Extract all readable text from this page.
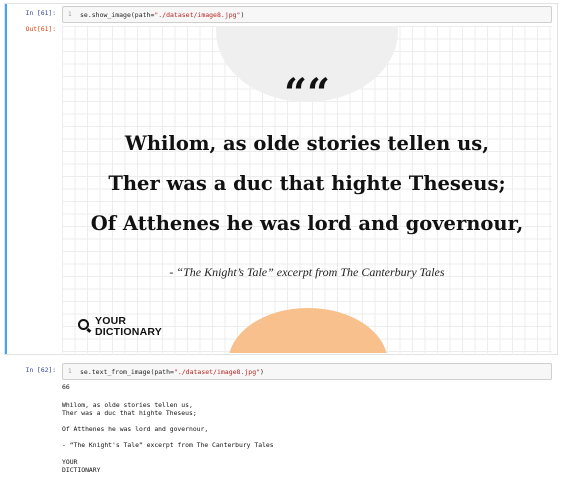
In [61]: 1 se.show_image(path="./dataset/image8.jpg")
Out[61]:
““
Whilom, as olde stories tellen us,
Ther was a duc that highte Theseus;
Of Atthenes he was lord and governour,
- “The Knight’s Tale” excerpt from The Canterbury Tales
YOUR
DICTIONARY
In [62]: 1 se.text_from_image(path="./dataset/image8.jpg")
66
Whilom, as olde stories tellen us,
Ther was a duc that highte Theseus;
Of Atthenes he was lord and governour,
- “The Knight's Tale” excerpt from The Canterbury Tales
YOUR
DICTIONARY
